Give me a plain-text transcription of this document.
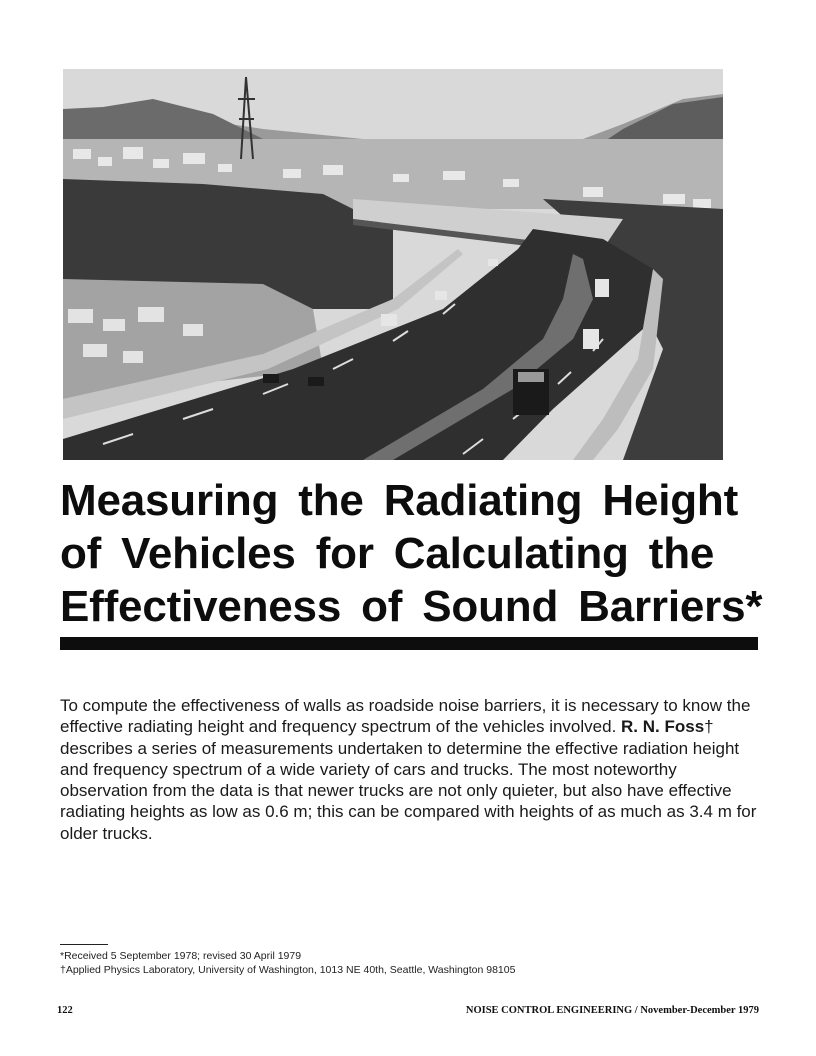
Measuring the Radiating Height
of Vehicles for Calculating the
Effectiveness of Sound Barriers*

To compute the effectiveness of walls as roadside noise barriers, it is necessary to know the effective radiating height and frequency spectrum of the vehicles involved. R. N. Foss† describes a series of measurements undertaken to determine the effective radiation height and frequency spectrum of a wide variety of cars and trucks. The most noteworthy observation from the data is that newer trucks are not only quieter, but also have effective radiating heights as low as 0.6 m; this can be compared with heights of as much as 3.4 m for older trucks.

*Received 5 September 1978; revised 30 April 1979
†Applied Physics Laboratory, University of Washington, 1013 NE 40th, Seattle, Washington 98105
122	NOISE CONTROL ENGINEERING / November-December 1979
